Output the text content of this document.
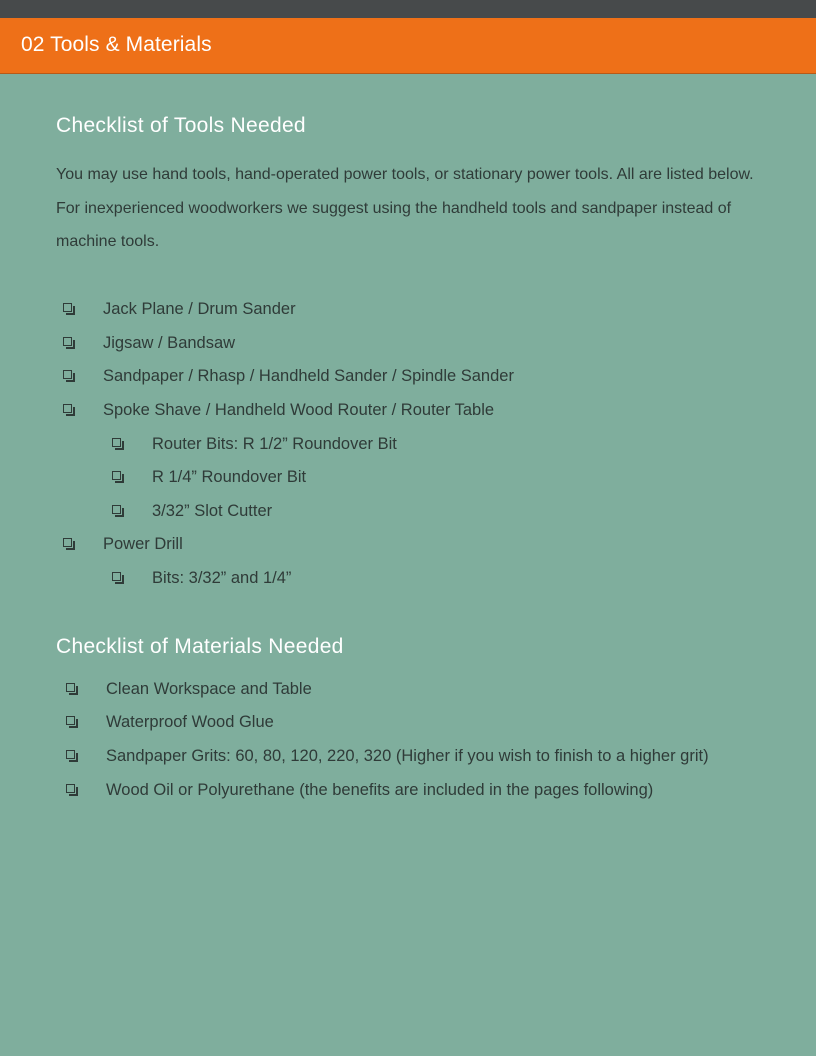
02 Tools & Materials
Checklist of Tools Needed
You may use hand tools, hand-operated power tools, or stationary power tools. All are listed below. For inexperienced woodworkers we suggest using the handheld tools and sandpaper instead of machine tools.
Jack Plane / Drum Sander
Jigsaw / Bandsaw
Sandpaper / Rhasp / Handheld Sander / Spindle Sander
Spoke Shave / Handheld Wood Router / Router Table
Router Bits: R 1/2” Roundover Bit
R 1/4” Roundover Bit
3/32” Slot Cutter
Power Drill
Bits: 3/32” and 1/4”
Checklist of Materials Needed
Clean Workspace and Table
Waterproof Wood Glue
Sandpaper Grits: 60, 80, 120, 220, 320 (Higher if you wish to finish to a higher grit)
Wood Oil or Polyurethane (the benefits are included in the pages following)
